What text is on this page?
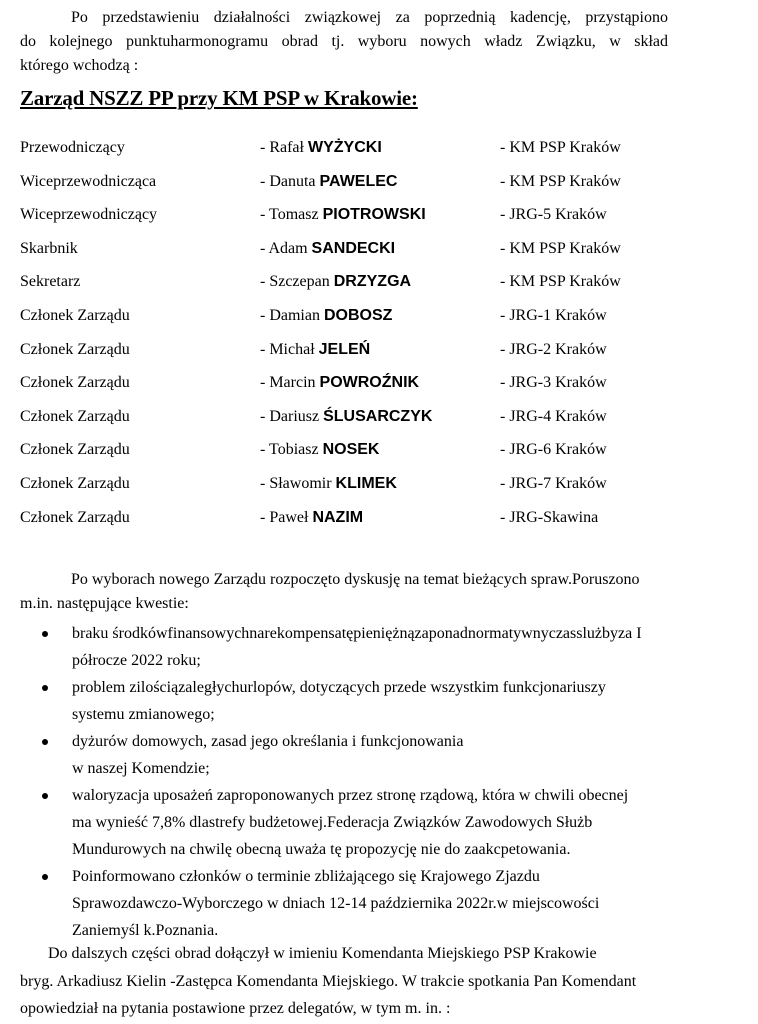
Po przedstawieniu działalności związkowej za poprzednią kadencję, przystąpiono
do kolejnego punktuharmonogramu obrad tj. wyboru nowych władz Związku, w skład
którego wchodzą :
Zarząd NSZZ PP przy KM PSP w Krakowie:
Przewodniczący	- Rafał WYŻYCKI	- KM PSP Kraków
Wiceprzewodnicząca	- Danuta PAWELEC	- KM PSP Kraków
Wiceprzewodniczący	- Tomasz PIOTROWSKI	- JRG-5 Kraków
Skarbnik	- Adam SANDECKI	- KM PSP Kraków
Sekretarz	- Szczepan DRZYZGA	- KM PSP Kraków
Członek Zarządu	- Damian DOBOSZ	- JRG-1 Kraków
Członek Zarządu	- Michał JELEŃ	- JRG-2 Kraków
Członek Zarządu	- Marcin POWROŹNIK	- JRG-3 Kraków
Członek Zarządu	- Dariusz ŚLUSARCZYK	- JRG-4 Kraków
Członek Zarządu	- Tobiasz NOSEK	- JRG-6 Kraków
Członek Zarządu	- Sławomir KLIMEK	- JRG-7 Kraków
Członek Zarządu	- Paweł NAZIM	- JRG-Skawina

Po wyborach nowego Zarządu rozpoczęto dyskusję na temat bieżących spraw.Poruszono

m.in. następujące kwestie:

braku środkówfinansowychnarekompensatępieniężnązaponadnormatywnyczasslużbyza I
półrocze 2022 roku;
problem zilościązaległychurlopów, dotyczących przede wszystkim funkcjonariuszy
systemu zmianowego;
dyżurów domowych, zasad jego określania i funkcjonowania
w naszej Komendzie;
waloryzacja uposażeń zaproponowanych przez stronę rządową, która w chwili obecnej
ma wynieść 7,8% dlastrefy budżetowej.Federacja Związków Zawodowych Służb
Mundurowych na chwilę obecną uważa tę propozycję nie do zaakcpetowania.
Poinformowano członków o terminie zbliżającego się Krajowego Zjazdu
Sprawozdawczo-Wyborczego w dniach 12-14 października 2022r.w miejscowości
Zaniemyśl k.Poznania.
Do dalszych części obrad dołączył w imieniu Komendanta Miejskiego PSP Krakowie
bryg. Arkadiusz Kielin -Zastępca Komendanta Miejskiego. W trakcie spotkania Pan Komendant
opowiedział na pytania postawione przez delegatów, w tym m. in. :
